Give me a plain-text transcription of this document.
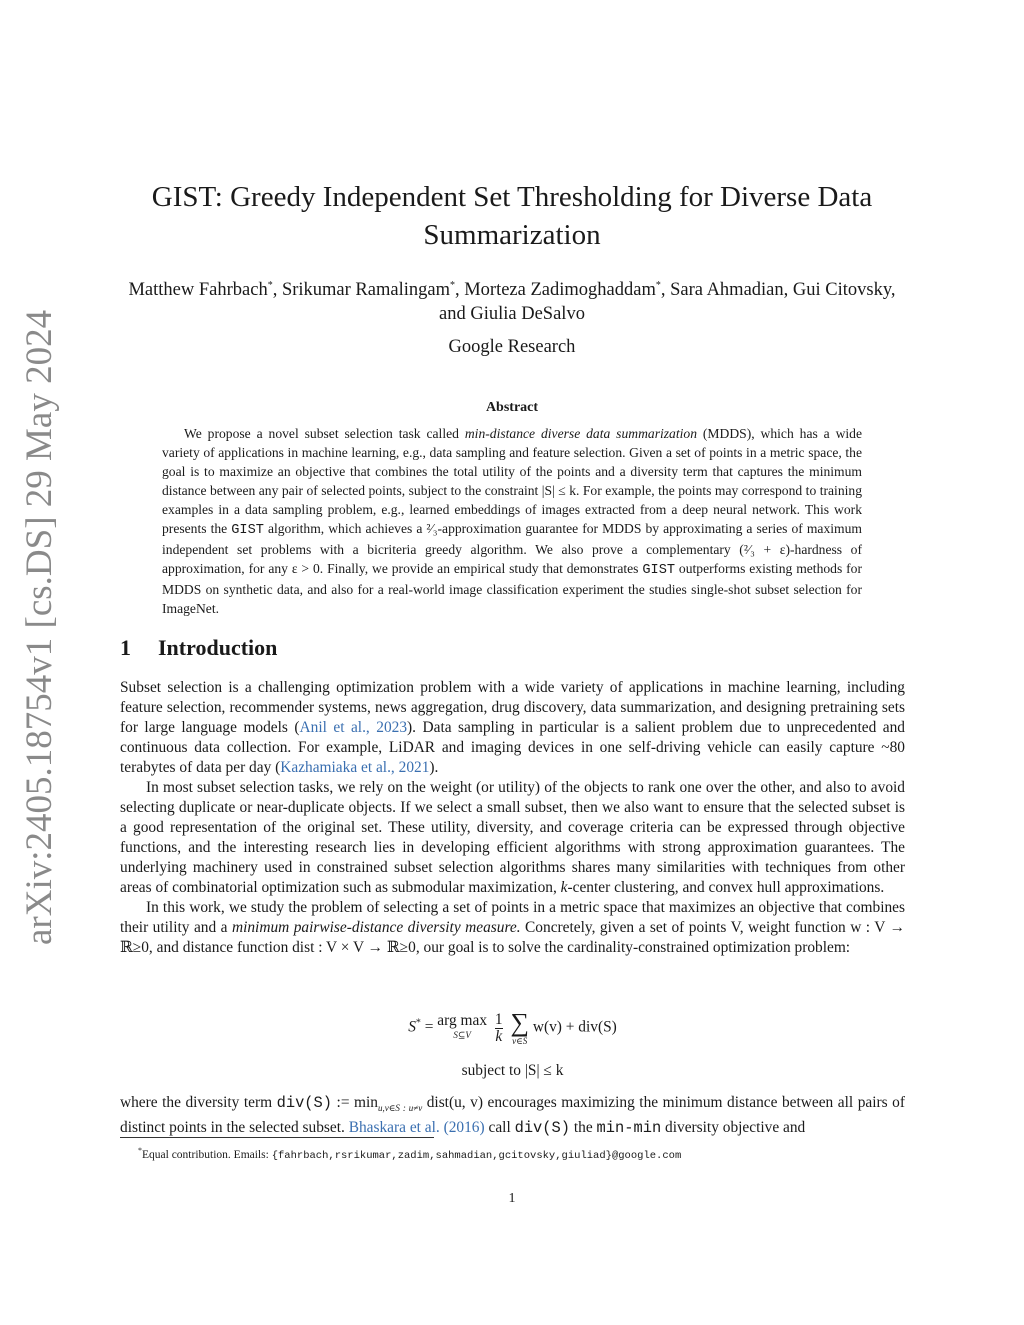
arXiv:2405.18754v1 [cs.DS] 29 May 2024
GIST: Greedy Independent Set Thresholding for Diverse Data Summarization
Matthew Fahrbach*, Srikumar Ramalingam*, Morteza Zadimoghaddam*, Sara Ahmadian, Gui Citovsky, and Giulia DeSalvo
Google Research
Abstract

We propose a novel subset selection task called min-distance diverse data summarization (MDDS), which has a wide variety of applications in machine learning, e.g., data sampling and feature selection. Given a set of points in a metric space, the goal is to maximize an objective that combines the total utility of the points and a diversity term that captures the minimum distance between any pair of selected points, subject to the constraint |S| ≤ k. For example, the points may correspond to training examples in a data sampling problem, e.g., learned embeddings of images extracted from a deep neural network. This work presents the GIST algorithm, which achieves a ²⁄₃-approximation guarantee for MDDS by approximating a series of maximum independent set problems with a bicriteria greedy algorithm. We also prove a complementary (²⁄₃ + ε)-hardness of approximation, for any ε > 0. Finally, we provide an empirical study that demonstrates GIST outperforms existing methods for MDDS on synthetic data, and also for a real-world image classification experiment the studies single-shot subset selection for ImageNet.

1 Introduction

Subset selection is a challenging optimization problem with a wide variety of applications in machine learning, including feature selection, recommender systems, news aggregation, drug discovery, data summarization, and designing pretraining sets for large language models (Anil et al., 2023). Data sampling in particular is a salient problem due to unprecedented and continuous data collection. For example, LiDAR and imaging devices in one self-driving vehicle can easily capture ~80 terabytes of data per day (Kazhamiaka et al., 2021).

In most subset selection tasks, we rely on the weight (or utility) of the objects to rank one over the other, and also to avoid selecting duplicate or near-duplicate objects. If we select a small subset, then we also want to ensure that the selected subset is a good representation of the original set. These utility, diversity, and coverage criteria can be expressed through objective functions, and the interesting research lies in developing efficient algorithms with strong approximation guarantees. The underlying machinery used in constrained subset selection algorithms shares many similarities with techniques from other areas of combinatorial optimization such as submodular maximization, k-center clustering, and convex hull approximations.

In this work, we study the problem of selecting a set of points in a metric space that maximizes an objective that combines their utility and a minimum pairwise-distance diversity measure. Concretely, given a set of points V, weight function w : V → ℝ≥0, and distance function dist : V × V → ℝ≥0, our goal is to solve the cardinality-constrained optimization problem:

S* = arg max
S⊆V
	$\frac{1}{k}$
∑
v∈S
w(v) + div(S)
subject to |S| ≤ k

where the diversity term div(S) := $\min_{u,v\in S : u\ne v}$ dist(u, v) encourages maximizing the minimum distance between all pairs of distinct points in the selected subset. Bhaskara et al. (2016) call div(S) the min-min diversity objective and

*Equal contribution. Emails: {fahrbach,rsrikumar,zadim,sahmadian,gcitovsky,giuliad}@google.com
1
